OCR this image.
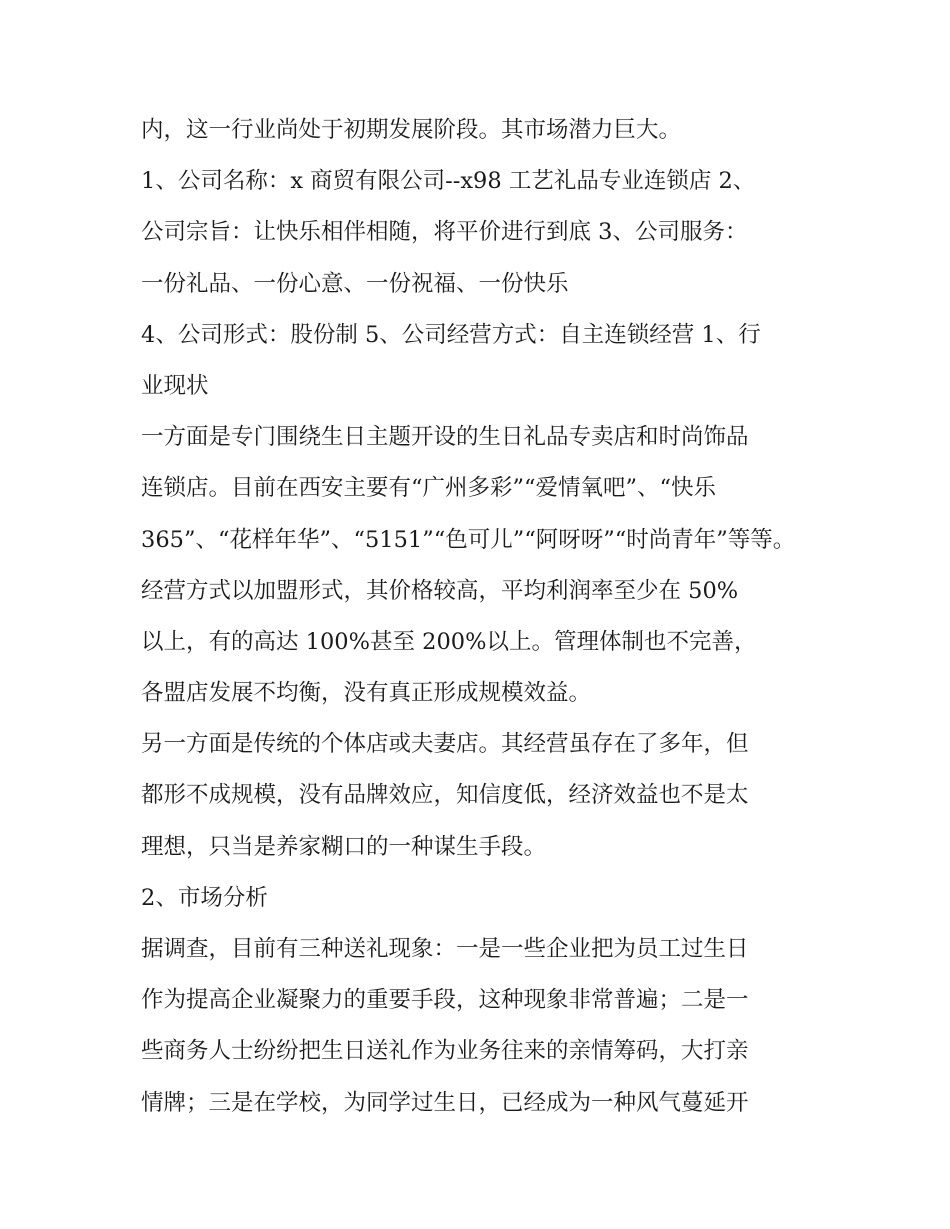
内，这一行业尚处于初期发展阶段。其市场潜力巨大。
1、公司名称：x 商贸有限公司--x98 工艺礼品专业连锁店 2、
公司宗旨：让快乐相伴相随，将平价进行到底 3、公司服务：
一份礼品、一份心意、一份祝福、一份快乐
4、公司形式：股份制 5、公司经营方式：自主连锁经营 1、行
业现状
一方面是专门围绕生日主题开设的生日礼品专卖店和时尚饰品
连锁店。目前在西安主要有“广州多彩”“爱情氧吧”、“快乐
365”、“花样年华”、“5151”“色可儿”“阿呀呀”“时尚青年”等等。
经营方式以加盟形式，其价格较高，平均利润率至少在 50%
以上，有的高达 100%甚至 200%以上。管理体制也不完善，
各盟店发展不均衡，没有真正形成规模效益。
另一方面是传统的个体店或夫妻店。其经营虽存在了多年，但
都形不成规模，没有品牌效应，知信度低，经济效益也不是太
理想，只当是养家糊口的一种谋生手段。
2、市场分析
据调查，目前有三种送礼现象：一是一些企业把为员工过生日
作为提高企业凝聚力的重要手段，这种现象非常普遍；二是一
些商务人士纷纷把生日送礼作为业务往来的亲情筹码，大打亲
情牌；三是在学校，为同学过生日，已经成为一种风气蔓延开
